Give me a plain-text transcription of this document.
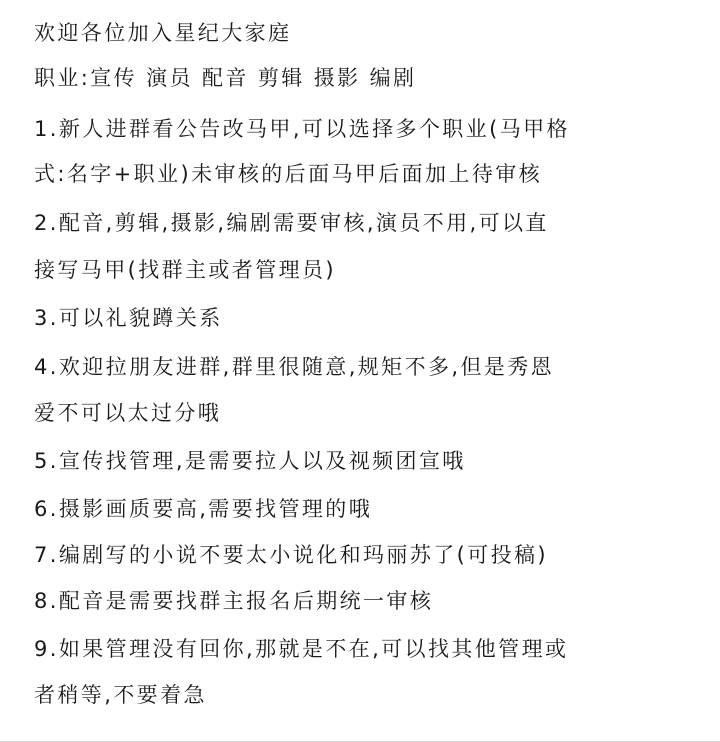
欢迎各位加入星纪大家庭

职业:宣传 演员 配音 剪辑 摄影 编剧

1.新人进群看公告改马甲,可以选择多个职业(马甲格

式:名字+职业)未审核的后面马甲后面加上待审核

2.配音,剪辑,摄影,编剧需要审核,演员不用,可以直

接写马甲(找群主或者管理员)

3.可以礼貌蹲关系

4.欢迎拉朋友进群,群里很随意,规矩不多,但是秀恩

爱不可以太过分哦

5.宣传找管理,是需要拉人以及视频团宣哦

6.摄影画质要高,需要找管理的哦

7.编剧写的小说不要太小说化和玛丽苏了(可投稿)

8.配音是需要找群主报名后期统一审核

9.如果管理没有回你,那就是不在,可以找其他管理或

者稍等,不要着急
